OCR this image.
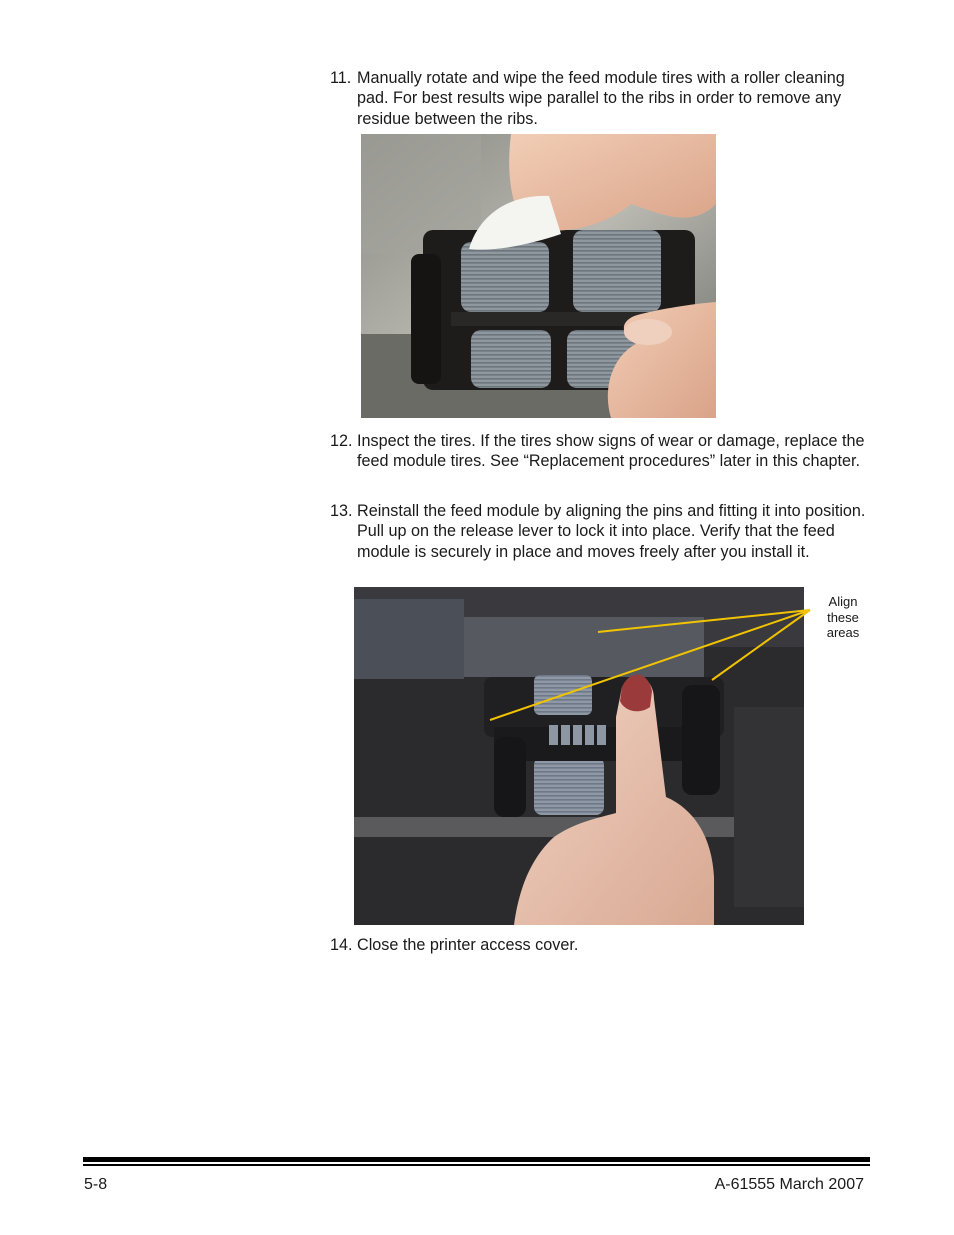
11. Manually rotate and wipe the feed module tires with a roller cleaning pad. For best results wipe parallel to the ribs in order to remove any residue between the ribs.
12. Inspect the tires. If the tires show signs of wear or damage, replace the feed module tires. See “Replacement procedures” later in this chapter.
13. Reinstall the feed module by aligning the pins and fitting it into position. Pull up on the release lever to lock it into place. Verify that the feed module is securely in place and moves freely after you install it.
Align
these
areas
14. Close the printer access cover.
5-8	A-61555 March 2007
